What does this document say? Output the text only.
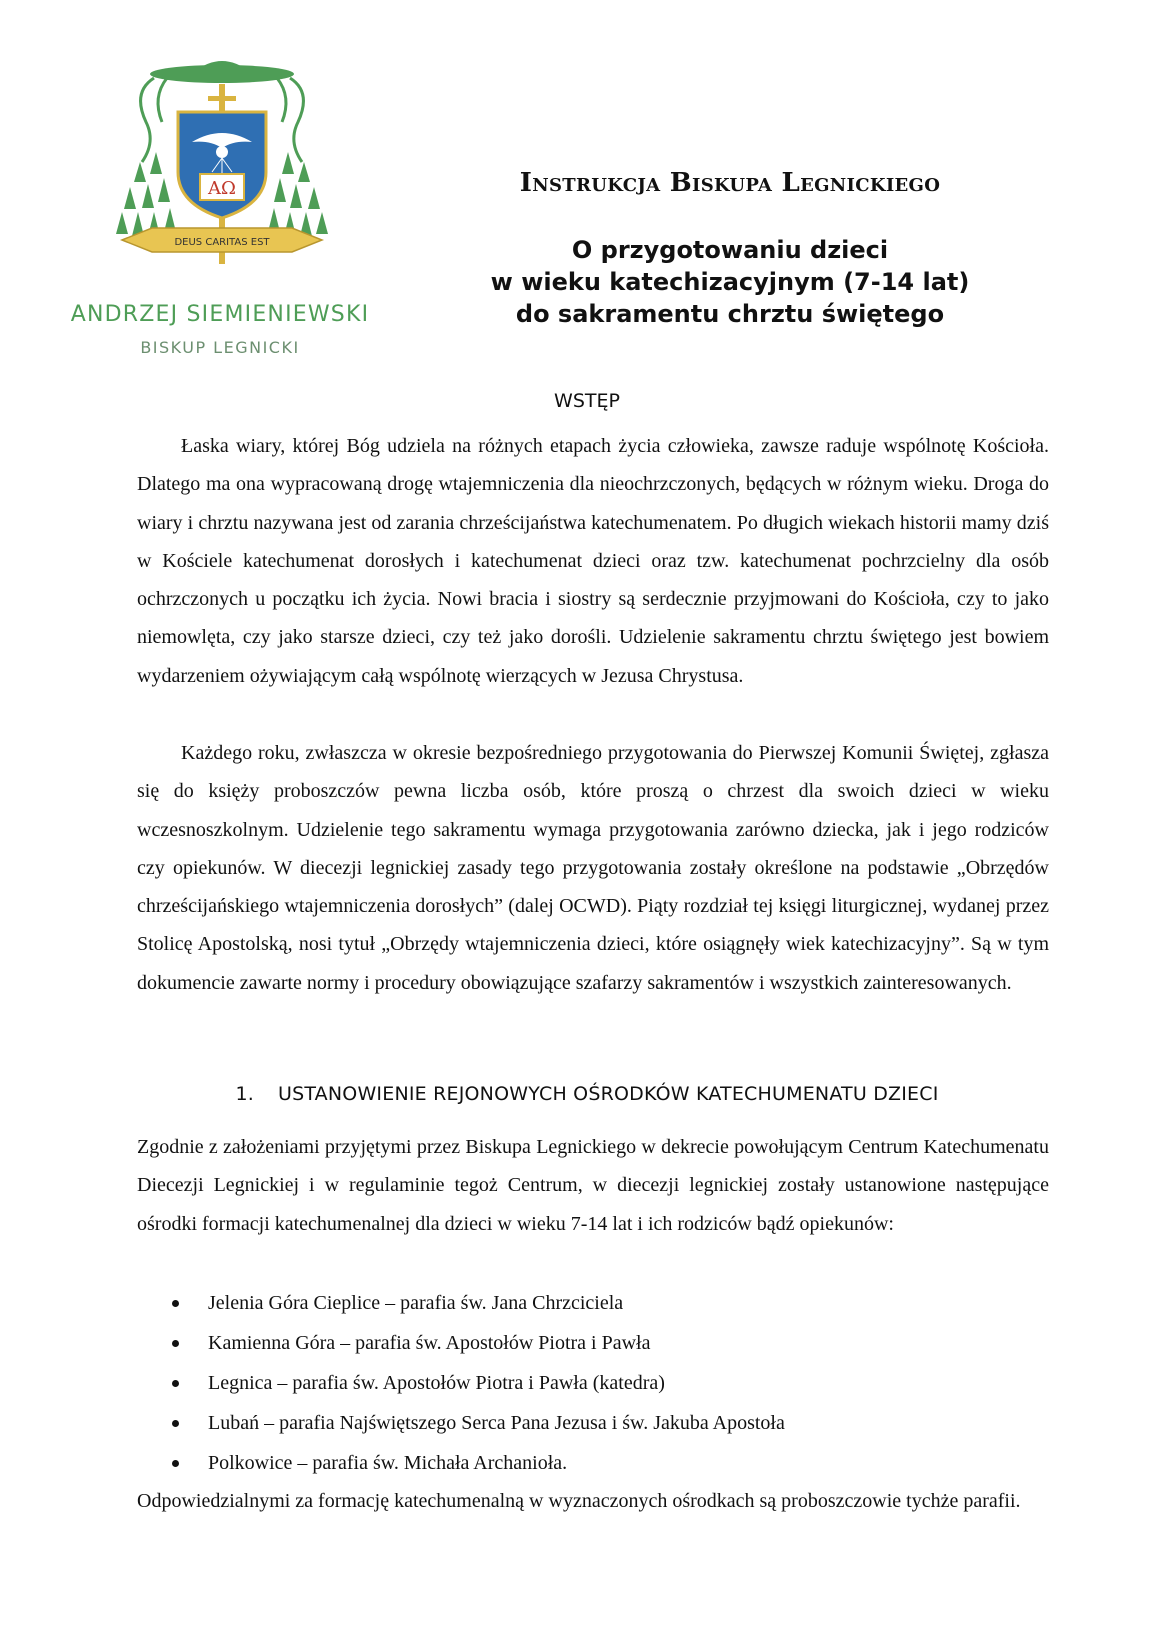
AΩ
DEUS CARITAS EST
ANDRZEJ SIEMIENIEWSKI
BISKUP LEGNICKI
Instrukcja Biskupa Legnickiego
O przygotowaniu dzieci
w wieku katechizacyjnym (7-14 lat)
do sakramentu chrztu świętego
WSTĘP

Łaska wiary, której Bóg udziela na różnych etapach życia człowieka, zawsze raduje wspólnotę Kościoła. Dlatego ma ona wypracowaną drogę wtajemniczenia dla nieochrzczonych, będących w różnym wieku. Droga do wiary i chrztu nazywana jest od zarania chrześcijaństwa katechumenatem. Po długich wiekach historii mamy dziś w Kościele katechumenat dorosłych i katechumenat dzieci oraz tzw. katechumenat pochrzcielny dla osób ochrzczonych u początku ich życia. Nowi bracia i siostry są serdecznie przyjmowani do Kościoła, czy to jako niemowlęta, czy jako starsze dzieci, czy też jako dorośli. Udzielenie sakramentu chrztu świętego jest bowiem wydarzeniem ożywiającym całą wspólnotę wierzących w Jezusa Chrystusa.

Każdego roku, zwłaszcza w okresie bezpośredniego przygotowania do Pierwszej Komunii Świętej, zgłasza się do księży proboszczów pewna liczba osób, które proszą o chrzest dla swoich dzieci w wieku wczesnoszkolnym. Udzielenie tego sakramentu wymaga przygotowania zarówno dziecka, jak i jego rodziców czy opiekunów. W diecezji legnickiej zasady tego przygotowania zostały określone na podstawie „Obrzędów chrześcijańskiego wtajemniczenia dorosłych” (dalej OCWD). Piąty rozdział tej księgi liturgicznej, wydanej przez Stolicę Apostolską, nosi tytuł „Obrzędy wtajemniczenia dzieci, które osiągnęły wiek katechizacyjny”. Są w tym dokumencie zawarte normy i procedury obowiązujące szafarzy sakramentów i wszystkich zainteresowanych.

1. USTANOWIENIE REJONOWYCH OŚRODKÓW KATECHUMENATU DZIECI

Zgodnie z założeniami przyjętymi przez Biskupa Legnickiego w dekrecie powołującym Centrum Katechumenatu Diecezji Legnickiej i w regulaminie tegoż Centrum, w diecezji legnickiej zostały ustanowione następujące ośrodki formacji katechumenalnej dla dzieci w wieku 7-14 lat i ich rodziców bądź opiekunów:

Jelenia Góra Cieplice – parafia św. Jana Chrzciciela
Kamienna Góra – parafia św. Apostołów Piotra i Pawła
Legnica – parafia św. Apostołów Piotra i Pawła (katedra)
Lubań – parafia Najświętszego Serca Pana Jezusa i św. Jakuba Apostoła
Polkowice – parafia św. Michała Archanioła.

Odpowiedzialnymi za formację katechumenalną w wyznaczonych ośrodkach są proboszczowie tychże parafii.
